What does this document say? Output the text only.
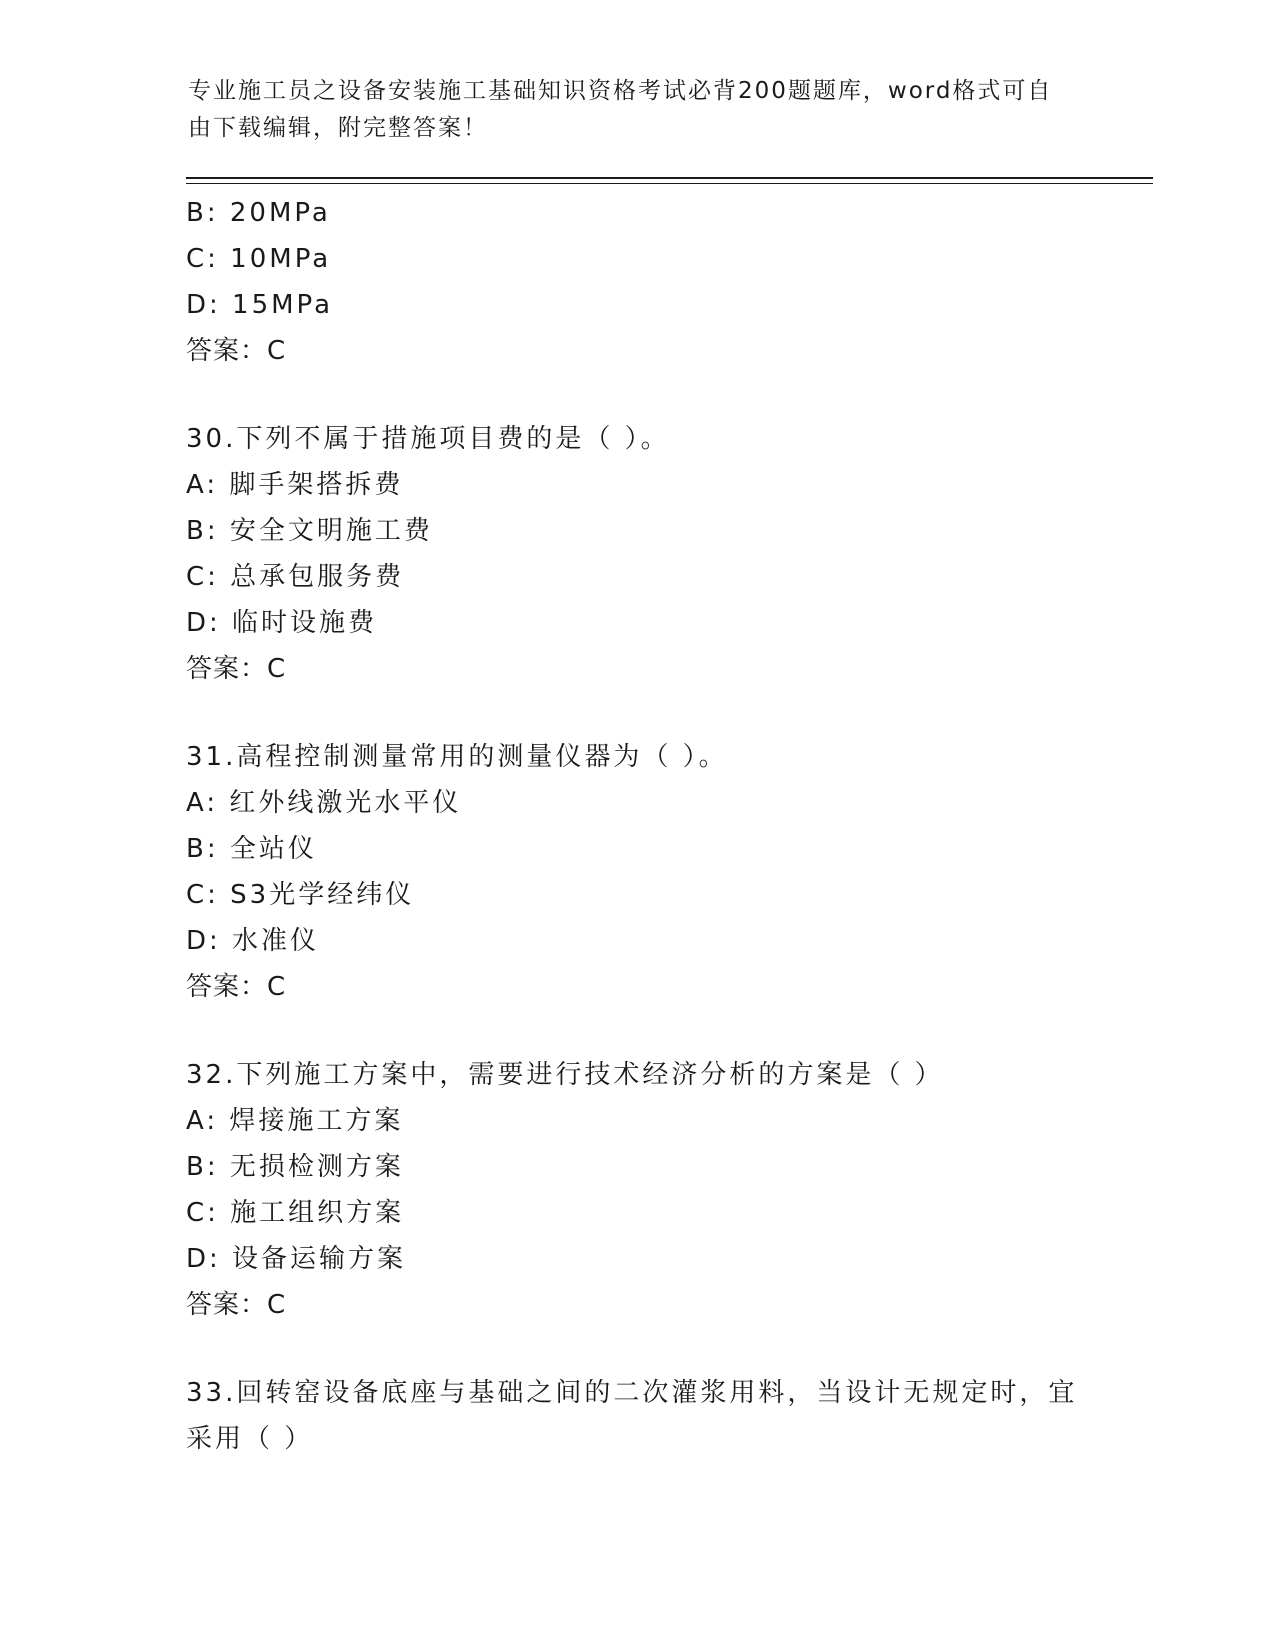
专业施工员之设备安装施工基础知识资格考试必背200题题库，word格式可自由下载编辑，附完整答案！
B: 20MPa
C: 10MPa
D: 15MPa
答案：C
30.下列不属于措施项目费的是（ ）。
A: 脚手架搭拆费
B: 安全文明施工费
C: 总承包服务费
D: 临时设施费
答案：C
31.高程控制测量常用的测量仪器为（ ）。
A: 红外线激光水平仪
B: 全站仪
C: S3光学经纬仪
D: 水准仪
答案：C
32.下列施工方案中，需要进行技术经济分析的方案是（ ）
A: 焊接施工方案
B: 无损检测方案
C: 施工组织方案
D: 设备运输方案
答案：C
33.回转窑设备底座与基础之间的二次灌浆用料，当设计无规定时，宜
采用（ ）
